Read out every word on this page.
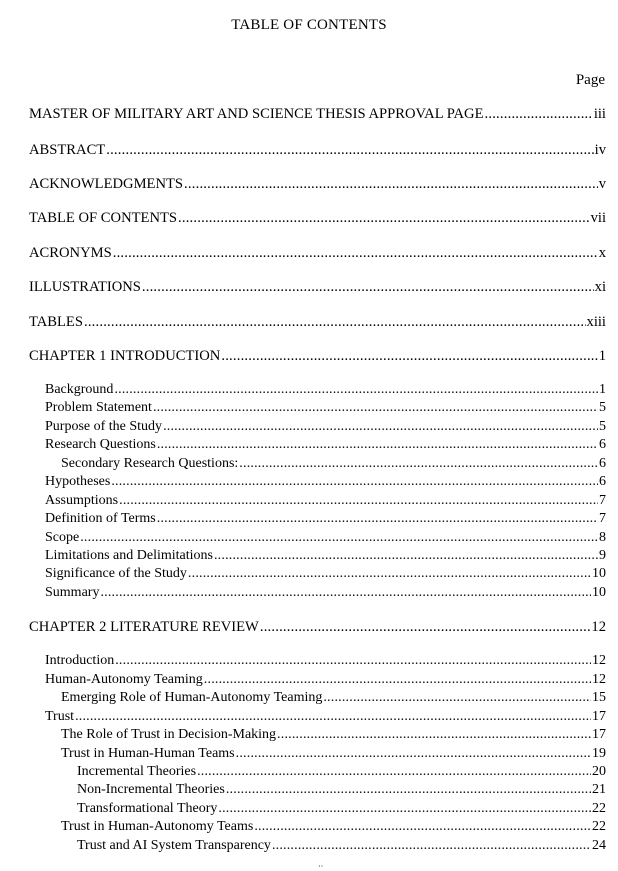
TABLE OF CONTENTS
Page
MASTER OF MILITARY ART AND SCIENCE THESIS APPROVAL PAGE .....	iii
ABSTRACT .....	iv
ACKNOWLEDGMENTS .....	v
TABLE OF CONTENTS .....	vii
ACRONYMS .....	x
ILLUSTRATIONS .....	xi
TABLES .....	xiii
CHAPTER 1 INTRODUCTION .....	1
Background .....	1
Problem Statement .....	5
Purpose of the Study .....	5
Research Questions .....	6
Secondary Research Questions: .....	6
Hypotheses .....	6
Assumptions .....	7
Definition of Terms .....	7
Scope .....	8
Limitations and Delimitations .....	9
Significance of the Study .....	10
Summary .....	10
CHAPTER 2 LITERATURE REVIEW .....	12
Introduction .....	12
Human-Autonomy Teaming .....	12
Emerging Role of Human-Autonomy Teaming .....	15
Trust .....	17
The Role of Trust in Decision-Making .....	17
Trust in Human-Human Teams .....	19
Incremental Theories .....	20
Non-Incremental Theories .....	21
Transformational Theory .....	22
Trust in Human-Autonomy Teams .....	22
Trust and AI System Transparency .....	24
··
